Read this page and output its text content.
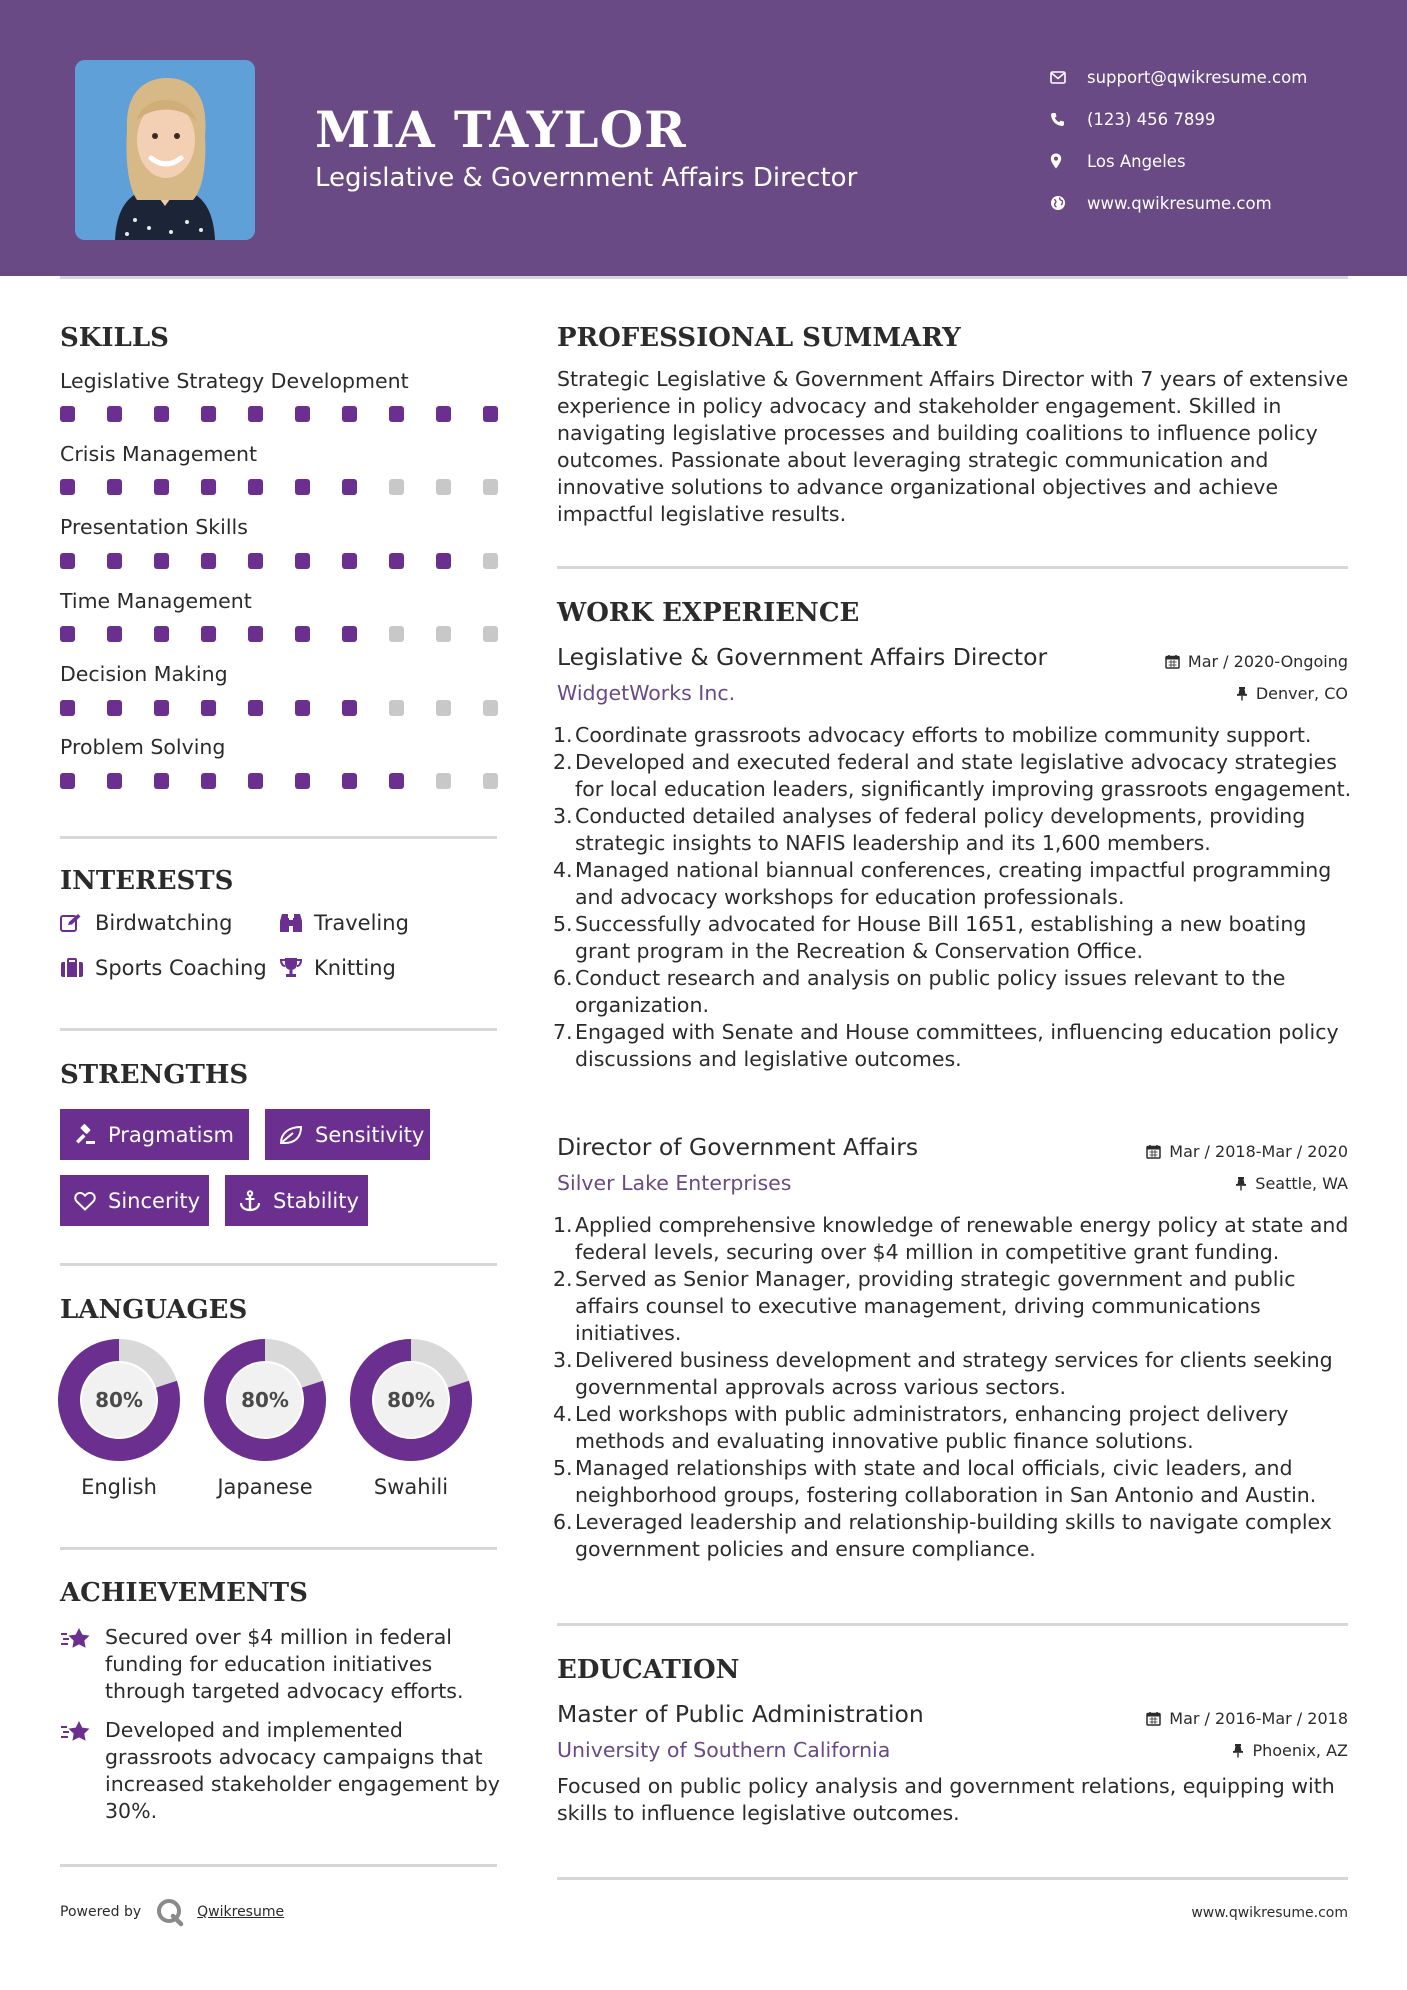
MIA TAYLOR
Legislative & Government Affairs Director
support@qwikresume.com
(123) 456 7899
Los Angeles
www.qwikresume.com
SKILLS
Legislative Strategy Development
Crisis Management
Presentation Skills
Time Management
Decision Making
Problem Solving
INTERESTS
Birdwatching	Traveling
Sports Coaching Knitting
STRENGTHS
Pragmatism	Sensitivity
Sincerity	Stability
LANGUAGES
80%	80%	80%
English	Japanese	Swahili
ACHIEVEMENTS
Secured over $4 million in federal funding for education initiatives through targeted advocacy efforts.
Developed and implemented grassroots advocacy campaigns that increased stakeholder engagement by 30%.
PROFESSIONAL SUMMARY
Strategic Legislative & Government Affairs Director with 7 years of extensive experience in policy advocacy and stakeholder engagement. Skilled in navigating legislative processes and building coalitions to influence policy outcomes. Passionate about leveraging strategic communication and innovative solutions to advance organizational objectives and achieve impactful legislative results.
WORK EXPERIENCE
Legislative & Government Affairs Director	Mar / 2020-Ongoing
WidgetWorks Inc.	Denver, CO
1. Coordinate grassroots advocacy efforts to mobilize community support.
2. Developed and executed federal and state legislative advocacy strategies for local education leaders, significantly improving grassroots engagement.
3. Conducted detailed analyses of federal policy developments, providing strategic insights to NAFIS leadership and its 1,600 members.
4. Managed national biannual conferences, creating impactful programming and advocacy workshops for education professionals.
5. Successfully advocated for House Bill 1651, establishing a new boating grant program in the Recreation & Conservation Office.
6. Conduct research and analysis on public policy issues relevant to the organization.
7. Engaged with Senate and House committees, influencing education policy discussions and legislative outcomes.
Director of Government Affairs	Mar / 2018-Mar / 2020
Silver Lake Enterprises	Seattle, WA
1. Applied comprehensive knowledge of renewable energy policy at state and federal levels, securing over $4 million in competitive grant funding.
2. Served as Senior Manager, providing strategic government and public affairs counsel to executive management, driving communications initiatives.
3. Delivered business development and strategy services for clients seeking governmental approvals across various sectors.
4. Led workshops with public administrators, enhancing project delivery methods and evaluating innovative public finance solutions.
5. Managed relationships with state and local officials, civic leaders, and neighborhood groups, fostering collaboration in San Antonio and Austin.
6. Leveraged leadership and relationship-building skills to navigate complex government policies and ensure compliance.
EDUCATION
Master of Public Administration	Mar / 2016-Mar / 2018
University of Southern California	Phoenix, AZ
Focused on public policy analysis and government relations, equipping with skills to influence legislative outcomes.
Powered by	Qwikresume	www.qwikresume.com
